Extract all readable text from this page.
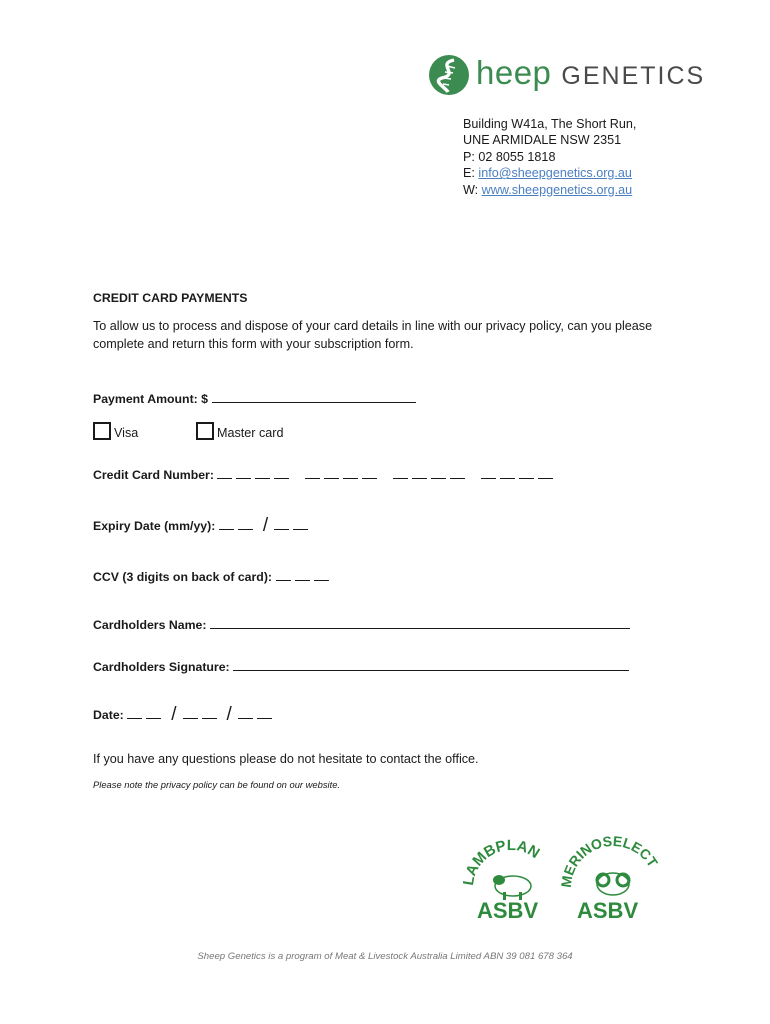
heep GENETICS
Building W41a, The Short Run,
UNE ARMIDALE NSW 2351
P: 02 8055 1818
E: info@sheepgenetics.org.au
W: www.sheepgenetics.org.au
CREDIT CARD PAYMENTS
To allow us to process and dispose of your card details in line with our privacy policy, can you please complete and return this form with your subscription form.
Payment Amount: $
Visa	Master card
Credit Card Number:
Expiry Date (mm/yy):	/
CCV (3 digits on back of card):
Cardholders Name:
Cardholders Signature:
Date:	/	/
If you have any questions please do not hesitate to contact the office.
Please note the privacy policy can be found on our website.
AMBPLAN
MERINOSELECT
ASBV ASBV
Sheep Genetics is a program of Meat & Livestock Australia Limited ABN 39 081 678 364
